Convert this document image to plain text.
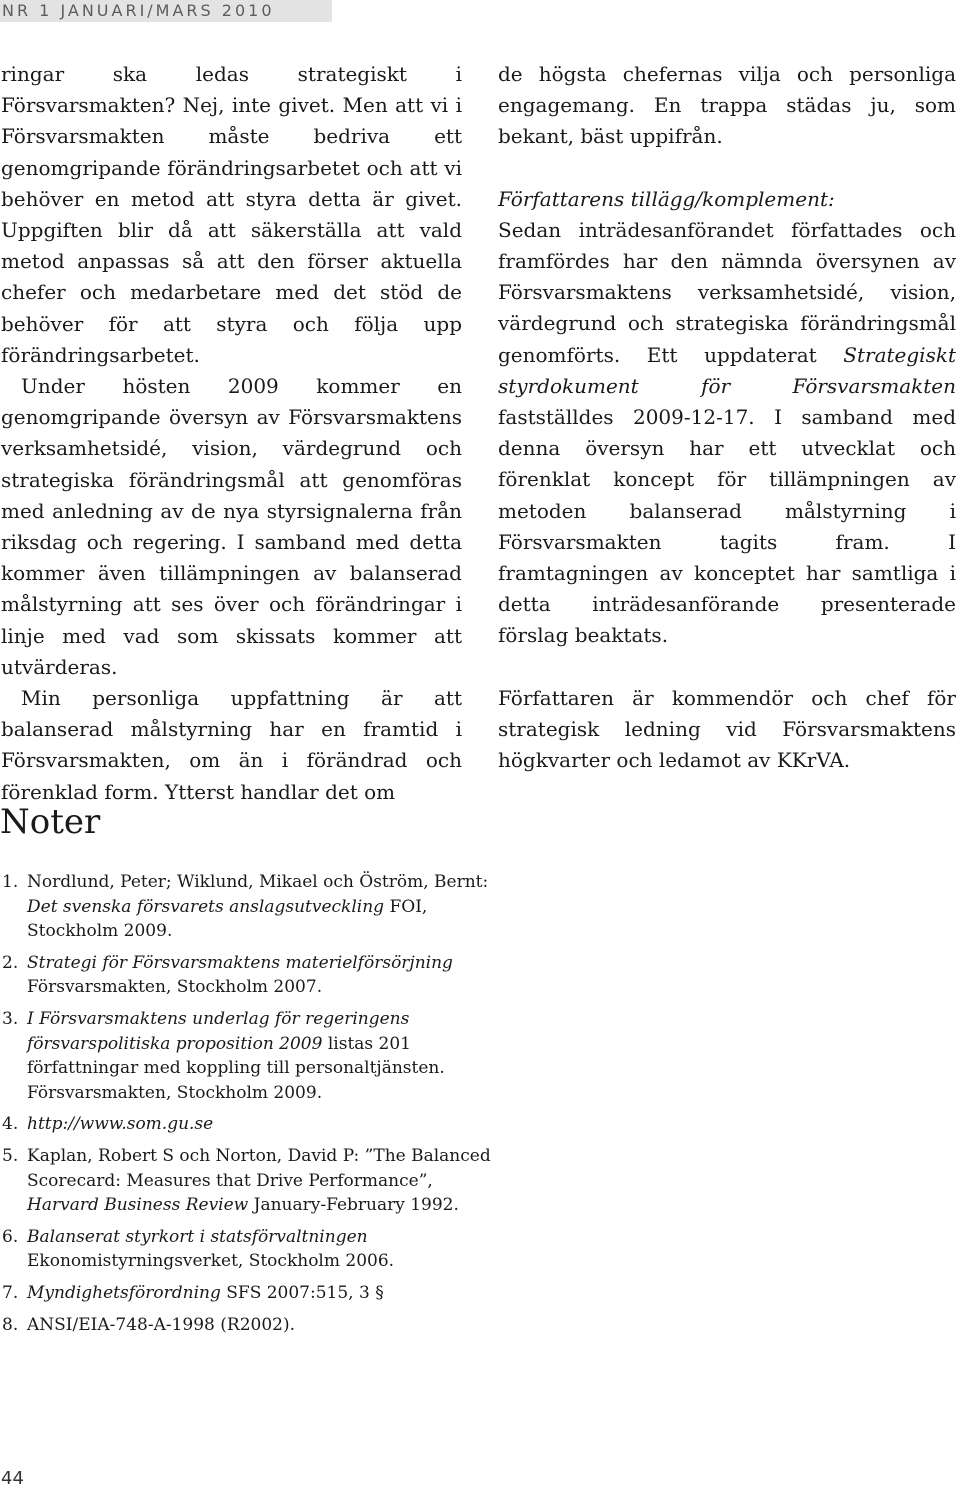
NR 1 JANUARI/MARS 2010

ringar ska ledas strategiskt i Försvarsmakten? Nej, inte givet. Men att vi i Försvarsmakten måste bedriva ett genomgripande förändringsarbetet och att vi behöver en metod att styra detta är givet. Uppgiften blir då att säkerställa att vald metod anpassas så att den förser aktuella chefer och medarbetare med det stöd de behöver för att styra och följa upp förändringsarbetet.

Under hösten 2009 kommer en genomgripande översyn av Försvarsmaktens verksamhetsidé, vision, värdegrund och strategiska förändringsmål att genomföras med anledning av de nya styrsignalerna från riksdag och regering. I samband med detta kommer även tillämpningen av balanserad målstyrning att ses över och förändringar i linje med vad som skissats kommer att utvärderas.

Min personliga uppfattning är att balanserad målstyrning har en framtid i Försvarsmakten, om än i förändrad och förenklad form. Ytterst handlar det om

de högsta chefernas vilja och personliga engagemang. En trappa städas ju, som bekant, bäst uppifrån.

Författarens tillägg/komplement:
Sedan inträdesanförandet författades och framfördes har den nämnda översynen av Försvarsmaktens verksamhetsidé, vision, värdegrund och strategiska förändringsmål genomförts. Ett uppdaterat Strategiskt styrdokument för Försvarsmakten fastställdes 2009-12-17. I samband med denna översyn har ett utvecklat och förenklat koncept för tillämpningen av metoden balanserad målstyrning i Försvarsmakten tagits fram. I framtagningen av konceptet har samtliga i detta inträdesanförande presenterade förslag beaktats.

Författaren är kommendör och chef för strategisk ledning vid Försvarsmaktens högkvarter och ledamot av KKrVA.

Noter
1. Nordlund, Peter; Wiklund, Mikael och Öström, Bernt: Det svenska försvarets anslagsutveckling FOI, Stockholm 2009.
2. Strategi för Försvarsmaktens materielförsörjning Försvarsmakten, Stockholm 2007.
3. I Försvarsmaktens underlag för regeringens försvarspolitiska proposition 2009 listas 201 författningar med koppling till personaltjänsten. Försvarsmakten, Stockholm 2009.
4. http://www.som.gu.se
5. Kaplan, Robert S och Norton, David P: ”The Balanced Scorecard: Measures that Drive Performance”, Harvard Business Review January-February 1992.
6. Balanserat styrkort i statsförvaltningen Ekonomistyrningsverket, Stockholm 2006.
7. Myndighetsförordning SFS 2007:515, 3 §
8. ANSI/EIA-748-A-1998 (R2002).
44
